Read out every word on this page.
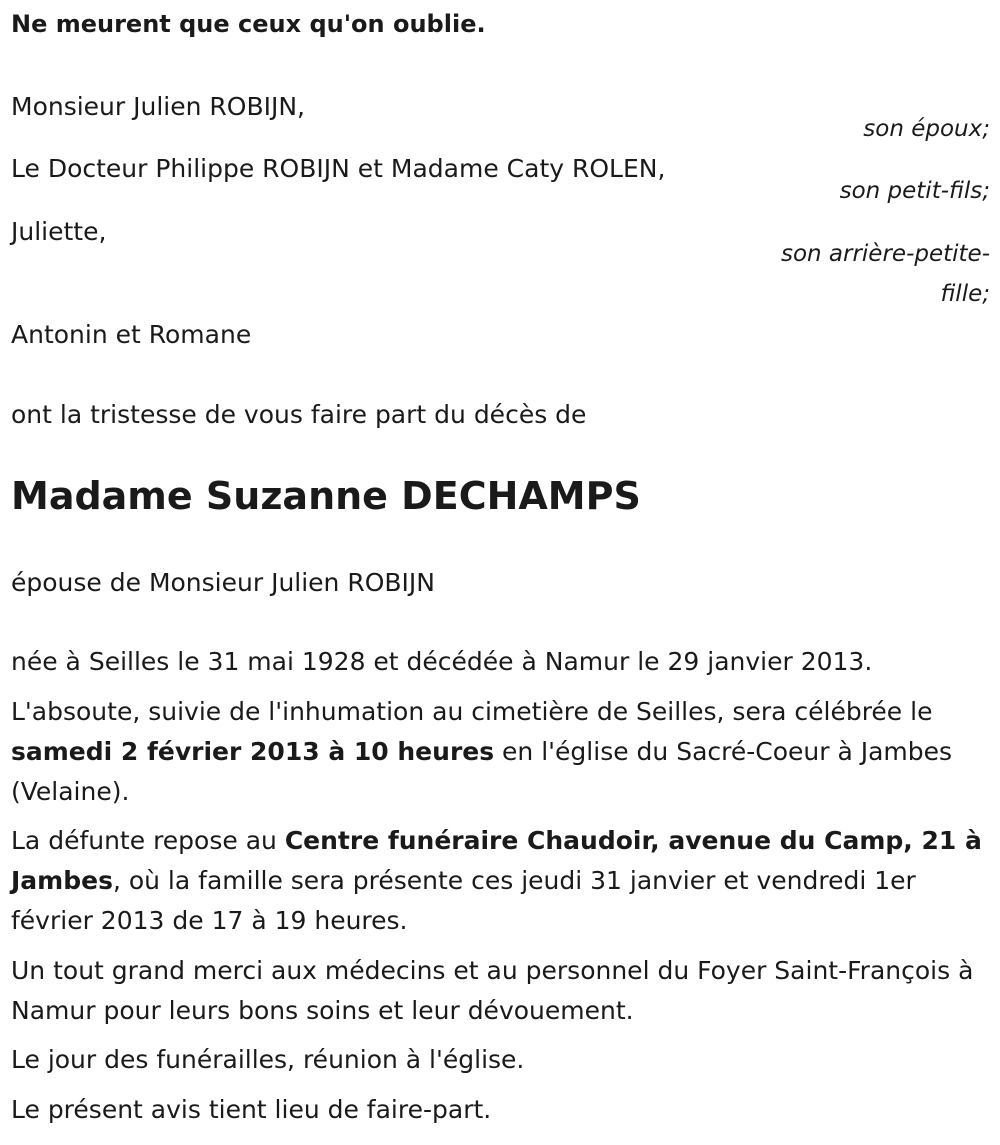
Ne meurent que ceux qu'on oublie.
Monsieur Julien ROBIJN,
son époux;
Le Docteur Philippe ROBIJN et Madame Caty ROLEN,
son petit-fils;
Juliette,
son arrière-petite-
fille;
Antonin et Romane
ont la tristesse de vous faire part du décès de
Madame Suzanne DECHAMPS
épouse de Monsieur Julien ROBIJN
née à Seilles le 31 mai 1928 et décédée à Namur le 29 janvier 2013.
L'absoute, suivie de l'inhumation au cimetière de Seilles, sera célébrée le samedi 2 février 2013 à 10 heures en l'église du Sacré-Coeur à Jambes (Velaine).
La défunte repose au Centre funéraire Chaudoir, avenue du Camp, 21 à Jambes, où la famille sera présente ces jeudi 31 janvier et vendredi 1er février 2013 de 17 à 19 heures.
Un tout grand merci aux médecins et au personnel du Foyer Saint-François à Namur pour leurs bons soins et leur dévouement.
Le jour des funérailles, réunion à l'église.
Le présent avis tient lieu de faire-part.
